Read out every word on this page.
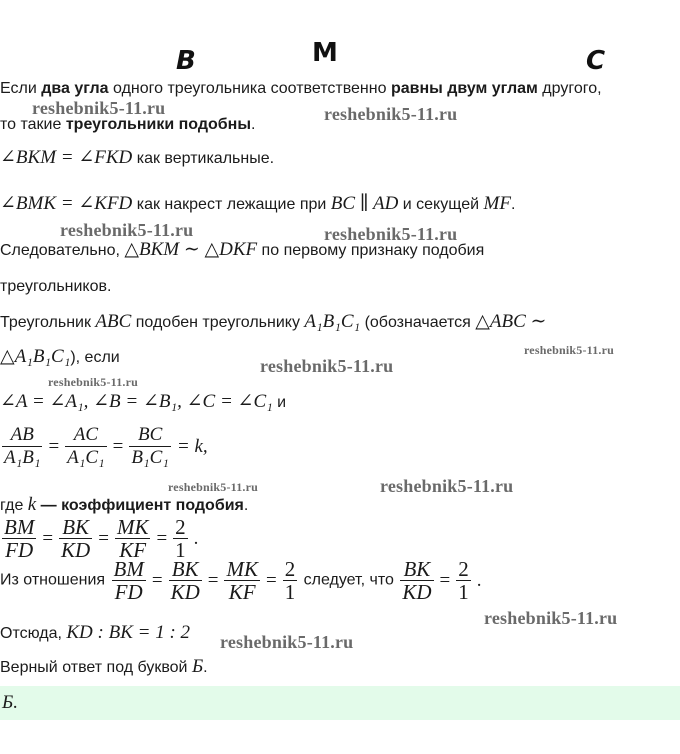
B	M	C
Если два угла одного треугольника соответственно равны двум углам другого,
то такие треугольники подобны.
∠BKM = ∠FKD как вертикальные.
∠BMK = ∠KFD как накрест лежащие при BC ∥ AD и секущей MF.
Следовательно, △BKM ∼ △DKF по первому признаку подобия
треугольников.
Треугольник ABC подобен треугольнику A₁B₁C₁ (обозначается △ABC ∼
△A₁B₁C₁), если
∠A = ∠A₁, ∠B = ∠B₁, ∠C = ∠C₁ и
$\frac{AB}{\text{A₁B₁}} = \frac{AC}{\text{A₁C₁}} = \frac{BC}{\text{B₁C₁}} = k$,
где k — коэффициент подобия.
$\frac{BM}{FD} = \frac{BK}{KD} = \frac{MK}{KF} = \frac{2}{1}$ .
Из отношения $\frac{BM}{FD} = \frac{BK}{KD} = \frac{MK}{KF} = \frac{2}{1}$ следует, что $\frac{BK}{KD} = \frac{2}{1}$ .
Отсюда, KD : BK = 1 : 2
Верный ответ под буквой Б.
Б.
reshebnik5-11.ru	reshebnik5-11.ru
reshebnik5-11.ru	reshebnik5-11.ru
reshebnik5-11.ru
reshebnik5-11.ru
reshebnik5-11.ru
reshebnik5-11.ru	reshebnik5-11.ru
reshebnik5-11.ru
reshebnik5-11.ru
